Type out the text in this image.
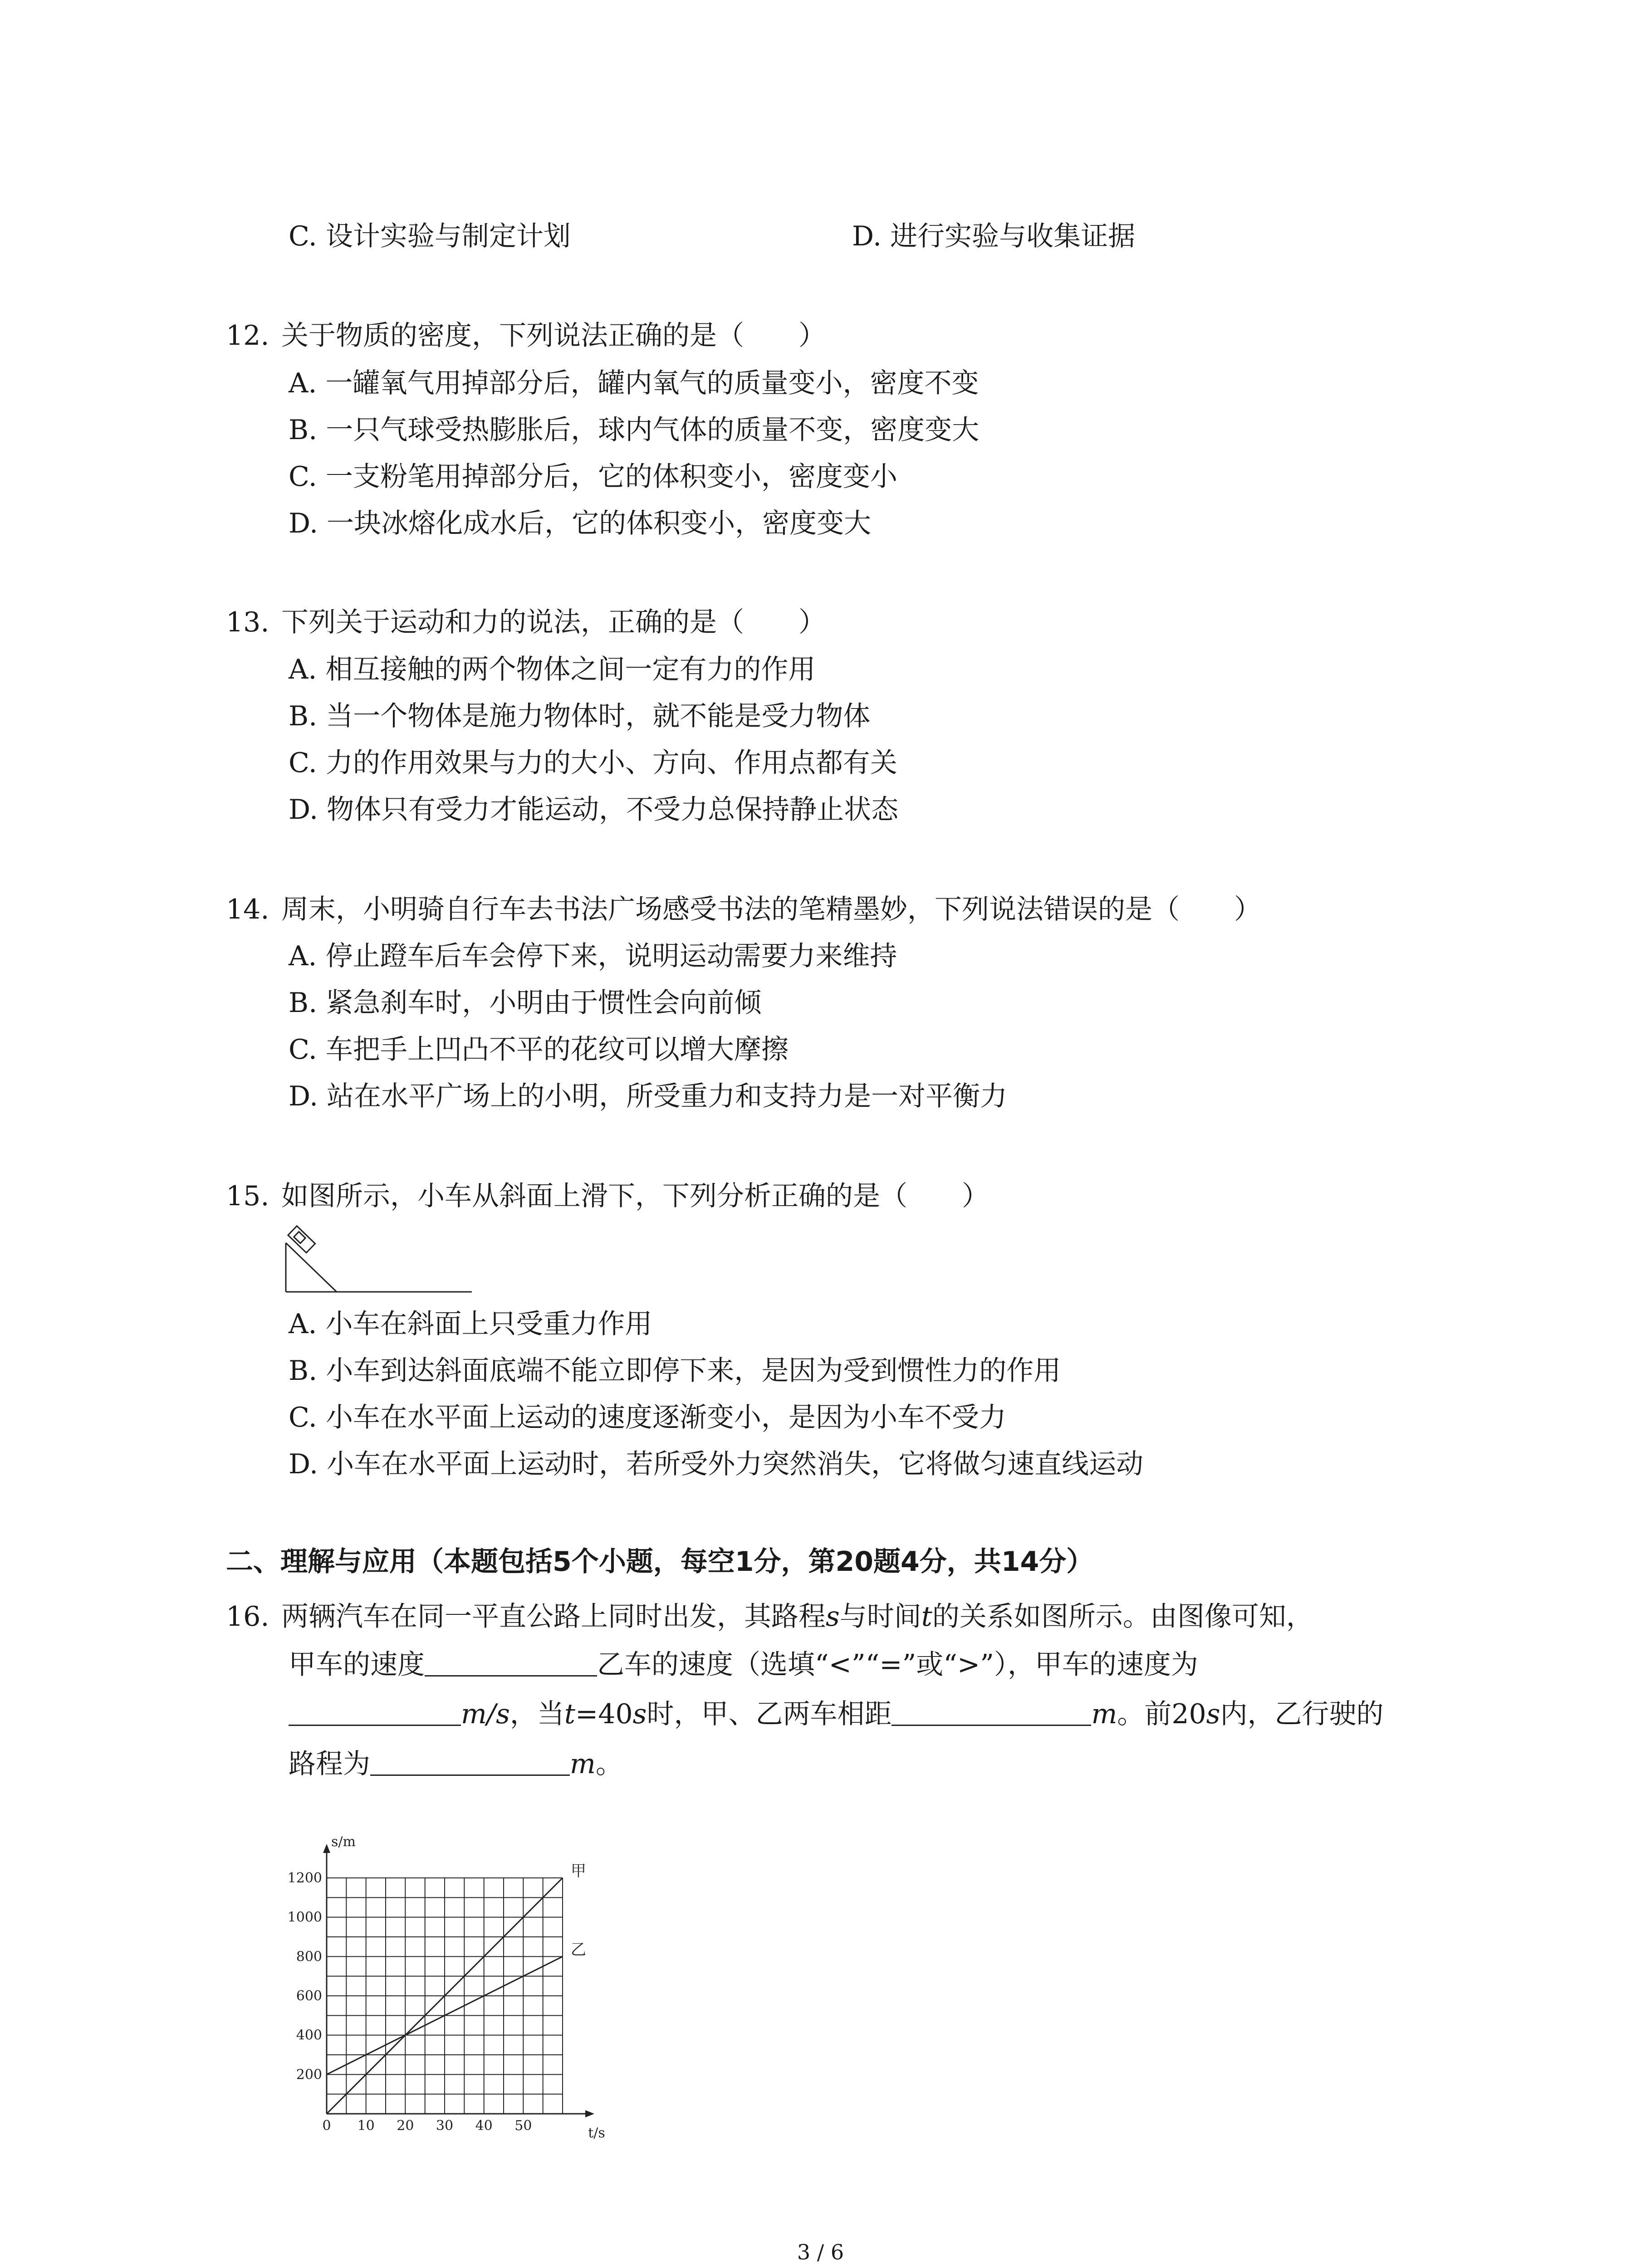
C. 设计实验与制定计划	D. 进行实验与收集证据
12. 关于物质的密度，下列说法正确的是（　　）
A. 一罐氧气用掉部分后，罐内氧气的质量变小，密度不变
B. 一只气球受热膨胀后，球内气体的质量不变，密度变大
C. 一支粉笔用掉部分后，它的体积变小，密度变小
D. 一块冰熔化成水后，它的体积变小，密度变大
13. 下列关于运动和力的说法，正确的是（　　）
A. 相互接触的两个物体之间一定有力的作用
B. 当一个物体是施力物体时，就不能是受力物体
C. 力的作用效果与力的大小、方向、作用点都有关
D. 物体只有受力才能运动，不受力总保持静止状态
14. 周末，小明骑自行车去书法广场感受书法的笔精墨妙，下列说法错误的是（　　）
A. 停止蹬车后车会停下来，说明运动需要力来维持
B. 紧急刹车时，小明由于惯性会向前倾
C. 车把手上凹凸不平的花纹可以增大摩擦
D. 站在水平广场上的小明，所受重力和支持力是一对平衡力
15. 如图所示，小车从斜面上滑下，下列分析正确的是（　　）
A. 小车在斜面上只受重力作用
B. 小车到达斜面底端不能立即停下来，是因为受到惯性力的作用
C. 小车在水平面上运动的速度逐渐变小，是因为小车不受力
D. 小车在水平面上运动时，若所受外力突然消失，它将做匀速直线运动
二、理解与应用（本题包括5个小题，每空1分，第20题4分，共14分）
16. 两辆汽车在同一平直公路上同时出发，其路程s与时间t的关系如图所示。由图像可知，
甲车的速度	乙车的速度（选填“<”“=”或“>”），甲车的速度为
m/s，当t=40s时，甲、乙两车相距	m。前20s内，乙行驶的
路程为	m。
0 10 20 30 40 50
200
400
600
800
1000
1200
t/s
s/m
甲
乙
3 / 6
